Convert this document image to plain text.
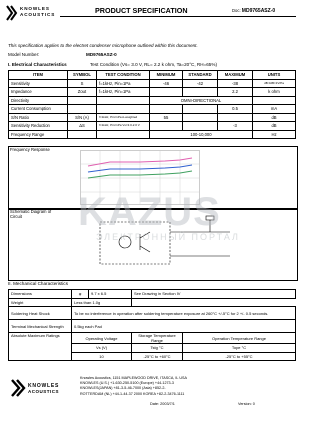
KNOWLES
ACOUSTICS	PRODUCT SPECIFICATION	Doc: MD9765ASZ-0
This specification applies to the electret condenser microphone outlined within this document.
Model Number:	MD9765ASZ-0
I. Electrical Characteristics	Test Condition (Vs= 3.0 V, RL= 2.2 k ohm, Ta=20°C, RH=65%)
ITEM	SYMBOL	TEST CONDITION	MINIMUM	STANDARD	MAXIMUM	UNITS
Sensitivity	S	f=1kHz, Pin=1Pa	-46	-42	-38	dB 0dB=1V/Pa
Impedance	Zout	f=1kHz, Pin=1Pa			2.2	k ohm
Directivity			OMNI-DIRECTIONAL			
Current Consumption					0.5	mA
S/N Ratio	S/N (A)	f=1kHz, Pin=1Pa A-weighted	55			dB
Sensitivity Reduction	ΔS	f=1kHz, Pin=1Pa Vs=3.0-2.0 V			-3	dB
Frequency Range			100-10,000			Hz
Frequency Response
Schematic Diagram of
Circuit	KAZUS
ЭЛЕКТРОННЫЙ ПОРТАЛ
II. Mechanical Characteristics
Dimensions	φ	9.7 x 6.5	See Drawing in Section IV	
Weight	Less than 1.0g			
Soldering Heat Shock	To be no interference in operation after soldering temperature exposure at 260°C +/-5°C for 2 +/- 0.5 seconds.			
Terminal Mechanical Strength	0.5kg each Pad			
Absolute Maximum Ratings	Operating Voltage		Storage Temperature Range	Operation Temperature Range
	Vs (V)		Tstg °C	Tope °C
	10		-25°C to +60°C	-25°C to +55°C
KNOWLES
ACOUSTICS
Knowles Acoustics, 1151 MAPLEWOOD DRIVE, ITASCA, IL USA
KNOWLES (U.S.) +1-630-250-5100 (Europe) +44-1273-3
KNOWLES(JAPAN) +81-3-5-46-7000 (Asia) +852-2-
ROTTERDAM (NL) +44-1-44-37 2000 KOREA +82-2-3476-1111
Date: 2003/7/1	Version: 0
